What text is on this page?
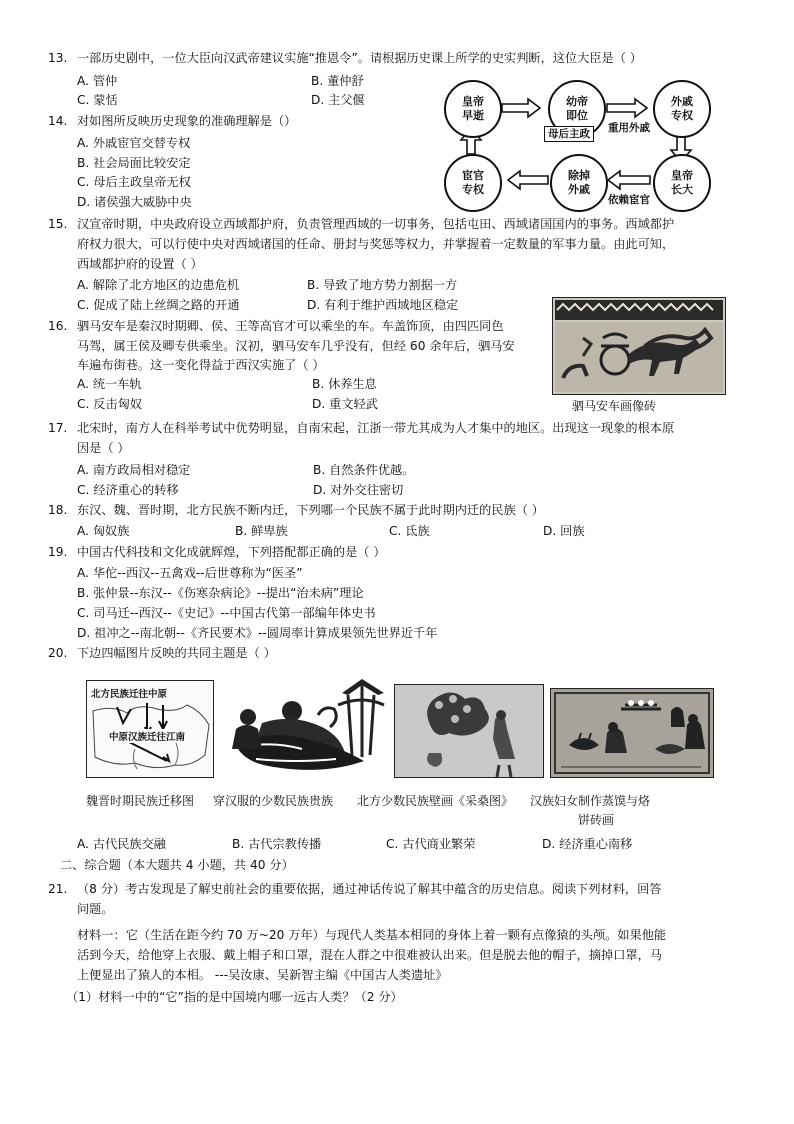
13. 一部历史剧中，一位大臣向汉武帝建议实施“推恩令”。请根据历史课上所学的史实判断，这位大臣是（ ）
A. 管仲	B. 董仲舒
C. 蒙恬	D. 主父偃
14. 对如图所反映历史现象的准确理解是（）
A. 外戚宦官交替专权
B. 社会局面比较安定
C. 母后主政皇帝无权
D. 诸侯强大威胁中央
皇帝
早逝
幼帝
即位
外戚
专权
皇帝
长大
除掉
外戚
宦官
专权
母后主政	重用外戚
依赖宦官
15. 汉宣帝时期，中央政府设立西域都护府，负责管理西域的一切事务，包括屯田、西域诸国国内的事务。西域都护
府权力很大，可以行使中央对西域诸国的任命、册封与奖惩等权力，并掌握着一定数量的军事力量。由此可知，
西域都护府的设置（ ）
A. 解除了北方地区的边患危机	B. 导致了地方势力割据一方
C. 促成了陆上丝绸之路的开通	D. 有利于维护西域地区稳定
16. 驷马安车是秦汉时期卿、侯、王等高官才可以乘坐的车。车盖饰顶，由四匹同色
马驾，属王侯及卿专供乘坐。汉初，驷马安车几乎没有，但经 60 余年后，驷马安
车遍布街巷。这一变化得益于西汉实施了（ ）
A. 统一车轨	B. 休养生息
C. 反击匈奴	D. 重文轻武	驷马安车画像砖
17. 北宋时，南方人在科举考试中优势明显，自南宋起，江浙一带尤其成为人才集中的地区。出现这一现象的根本原
因是（ ）
A. 南方政局相对稳定	B. 自然条件优越。
C. 经济重心的转移	D. 对外交往密切
18. 东汉、魏、晋时期，北方民族不断内迁，下列哪一个民族不属于此时期内迁的民族（ ）
A. 匈奴族	B. 鲜卑族	C. 氐族	D. 回族
19. 中国古代科技和文化成就辉煌，下列搭配都正确的是（ ）
A. 华佗--西汉--五禽戏--后世尊称为“医圣”
B. 张仲景--东汉--《伤寒杂病论》--提出“治未病”理论
C. 司马迁--西汉--《史记》--中国古代第一部编年体史书
D. 祖冲之--南北朝--《齐民要术》--圆周率计算成果领先世界近千年
20. 下边四幅图片反映的共同主题是（ ）
北方民族迁往中原
中原汉族迁往江南
魏晋时期民族迁移图 穿汉服的少数民族贵族 北方少数民族壁画《采桑图》 汉族妇女制作蒸馍与烙
饼砖画
A. 古代民族交融	B. 古代宗教传播	C. 古代商业繁荣	D. 经济重心南移
二、综合题（本大题共 4 小题，共 40 分）
21. （8 分）考古发现是了解史前社会的重要依据，通过神话传说了解其中蕴含的历史信息。阅读下列材料，回答
问题。
材料一：它（生活在距今约 70 万~20 万年）与现代人类基本相同的身体上着一颗有点像猿的头颅。如果他能
活到今天，给他穿上衣服、戴上帽子和口罩，混在人群之中很难被认出来。但是脱去他的帽子，摘掉口罩，马
上便显出了猿人的本相。 ---吴汝康、吴新智主编《中国古人类遗址》
（1）材料一中的“它”指的是中国境内哪一远古人类？（2 分）
